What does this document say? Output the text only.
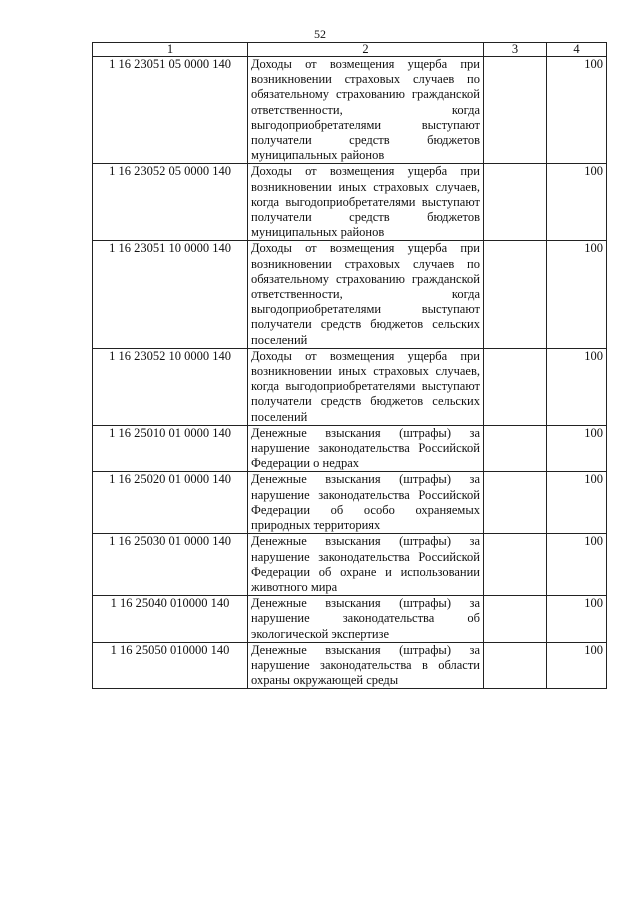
52
1	2	3	4
1 16 23051 05 0000 140	Доходы от возмещения ущерба при возникновении страховых случаев по обязательному страхованию гражданской ответственности, когда выгодоприобретателями выступают получатели средств бюджетов муниципальных районов		100
1 16 23052 05 0000 140	Доходы от возмещения ущерба при возникновении иных страховых случаев, когда выгодоприобретателями выступают получатели средств бюджетов муниципальных районов		100
1 16 23051 10 0000 140	Доходы от возмещения ущерба при возникновении страховых случаев по обязательному страхованию гражданской ответственности, когда выгодоприобретателями выступают получатели средств бюджетов сельских поселений		100
1 16 23052 10 0000 140	Доходы от возмещения ущерба при возникновении иных страховых случаев, когда выгодоприобретателями выступают получатели средств бюджетов сельских поселений		100
1 16 25010 01 0000 140	Денежные взыскания (штрафы) за нарушение законодательства Российской Федерации о недрах		100
1 16 25020 01 0000 140	Денежные взыскания (штрафы) за нарушение законодательства Российской Федерации об особо охраняемых природных территориях		100
1 16 25030 01 0000 140	Денежные взыскания (штрафы) за нарушение законодательства Российской Федерации об охране и использовании животного мира		100
1 16 25040 010000 140	Денежные взыскания (штрафы) за нарушение законодательства об экологической экспертизе		100
1 16 25050 010000 140	Денежные взыскания (штрафы) за нарушение законодательства в области охраны окружающей среды		100
